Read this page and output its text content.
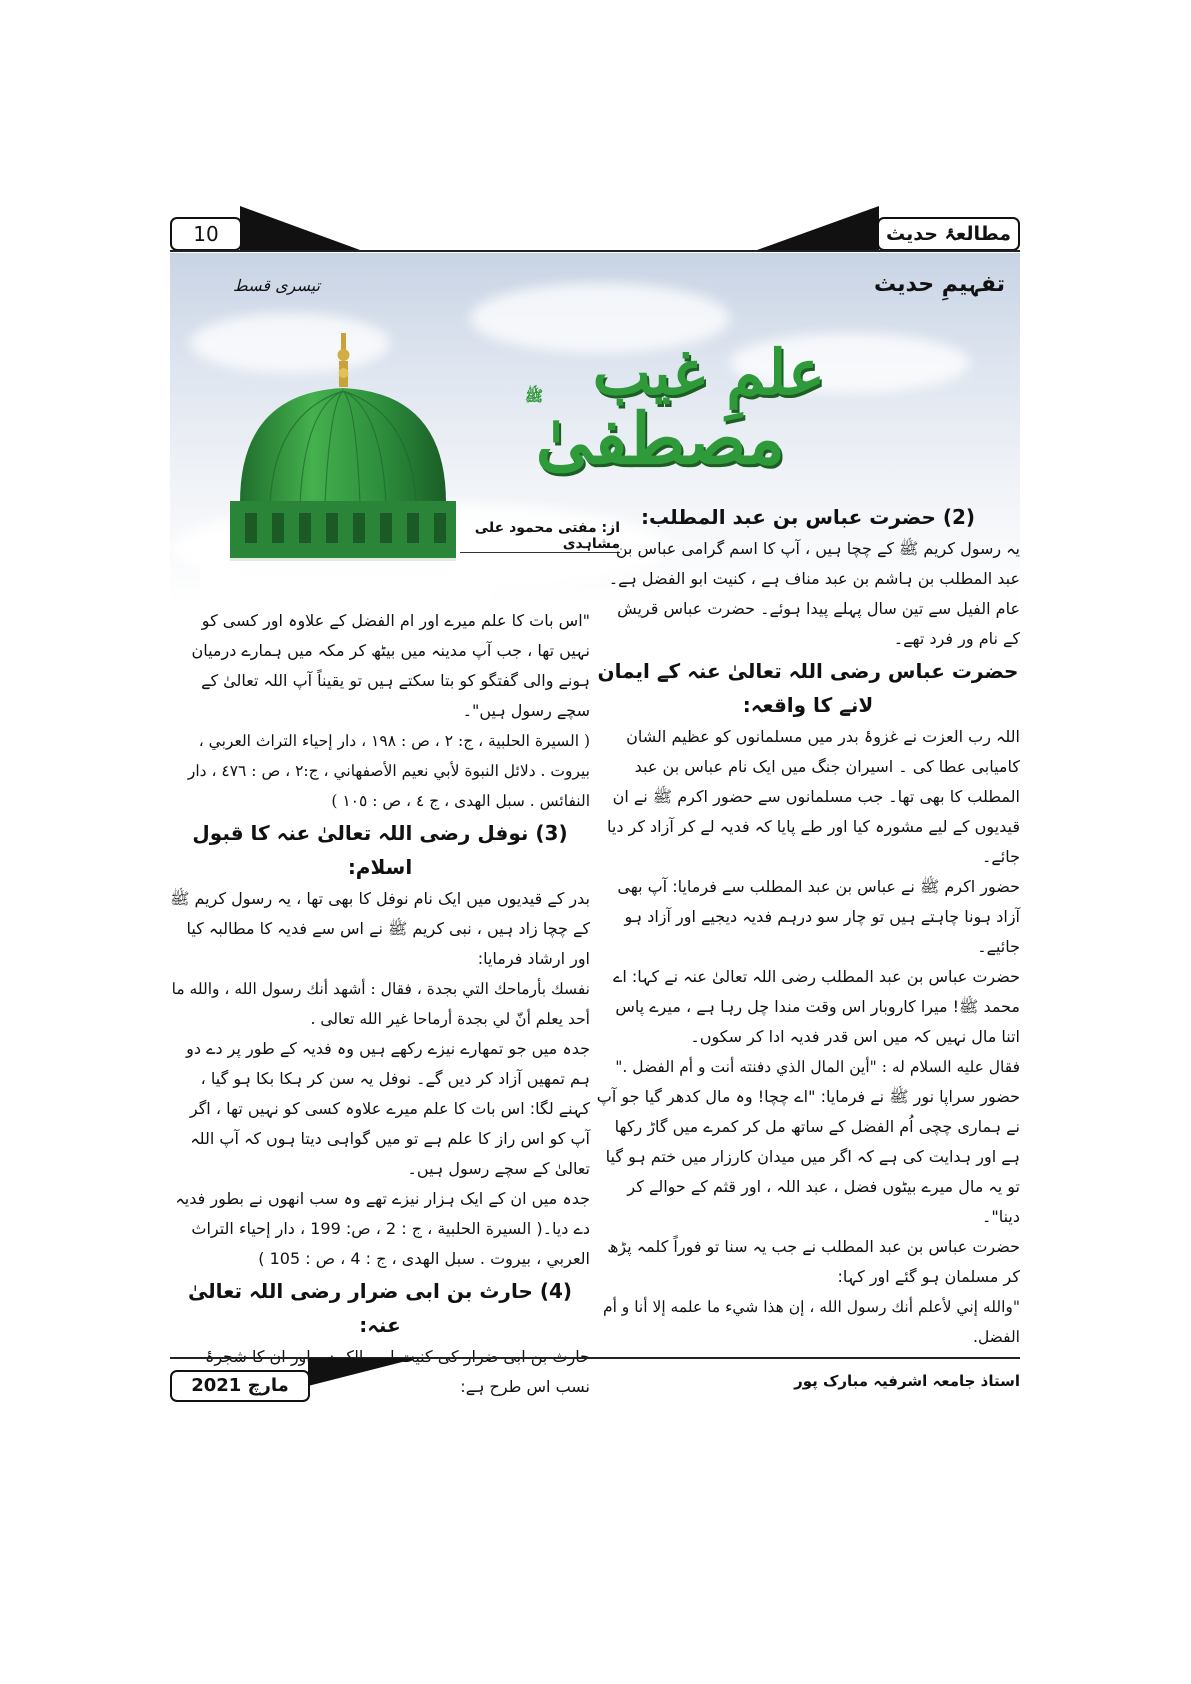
10	مطالعۂ حدیث
تفہیمِ حدیث
تیسری قسط
علمِ غیب
مصطفیٰ
ﷺ
از: مفتی محمود علی مشاہدی
(2) حضرت عباس بن عبد المطلب:

یہ رسول کریم ﷺ کے چچا ہیں ، آپ کا اسم گرامی عباس بن عبد المطلب بن ہاشم بن عبد مناف ہے ، کنیت ابو الفضل ہے۔ عام الفیل سے تین سال پہلے پیدا ہوئے۔ حضرت عباس قریش کے نام ور فرد تھے۔

حضرت عباس رضی اللہ تعالیٰ عنہ کے ایمان لانے کا واقعہ:

اللہ رب العزت نے غزوۂ بدر میں مسلمانوں کو عظیم الشان کامیابی عطا کی ۔ اسیران جنگ میں ایک نام عباس بن عبد المطلب کا بھی تھا۔ جب مسلمانوں سے حضور اکرم ﷺ نے ان قیدیوں کے لیے مشورہ کیا اور طے پایا کہ فدیہ لے کر آزاد کر دیا جائے۔

حضور اکرم ﷺ نے عباس بن عبد المطلب سے فرمایا: آپ بھی آزاد ہونا چاہتے ہیں تو چار سو درہم فدیہ دیجیے اور آزاد ہو جائیے۔

حضرت عباس بن عبد المطلب رضی اللہ تعالیٰ عنہ نے کہا: اے محمد ﷺ! میرا کاروبار اس وقت مندا چل رہا ہے ، میرے پاس اتنا مال نہیں کہ میں اس قدر فدیہ ادا کر سکوں۔

فقال عليه السلام له : "أين المال الذي دفنته أنت و أم الفضل ."

حضور سراپا نور ﷺ نے فرمایا: "اے چچا! وہ مال کدھر گیا جو آپ نے ہماری چچی اُم الفضل کے ساتھ مل کر کمرے میں گاڑ رکھا ہے اور ہدایت کی ہے کہ اگر میں میدان کارزار میں ختم ہو گیا تو یہ مال میرے بیٹوں فضل ، عبد اللہ ، اور قثم کے حوالے کر دینا"۔

حضرت عباس بن عبد المطلب نے جب یہ سنا تو فوراً کلمہ پڑھ کر مسلمان ہو گئے اور کہا:

"والله إني لأعلم أنك رسول الله ، إن هذا شيء ما علمه إلا أنا و أم الفضل.

"اس بات کا علم میرے اور ام الفضل کے علاوہ اور کسی کو نہیں تھا ، جب آپ مدینہ میں بیٹھ کر مکہ میں ہمارے درمیان ہونے والی گفتگو کو بتا سکتے ہیں تو یقیناً آپ اللہ تعالیٰ کے سچے رسول ہیں"۔

( السيرة الحلبية ، ج: ٢ ، ص : ١٩٨ ، دار إحياء التراث العربي ، بيروت . دلائل النبوة لأبي نعيم الأصفهاني ، ج:٢ ، ص : ٤٧٦ ، دار النفائس . سبل الهدى ، ج ٤ ، ص : ١٠٥ )

(3) نوفل رضی اللہ تعالیٰ عنہ کا قبول اسلام:

بدر کے قیدیوں میں ایک نام نوفل کا بھی تھا ، یہ رسول کریم ﷺ کے چچا زاد ہیں ، نبی کریم ﷺ نے اس سے فدیہ کا مطالبہ کیا اور ارشاد فرمایا:

نفسك بأرماحك التي بجدة ، فقال : أشهد أنك رسول الله ، والله ما أحد يعلم أنّ لي بجدة أرماحا غير الله تعالى .

جدہ میں جو تمھارے نیزے رکھے ہیں وہ فدیہ کے طور پر دے دو ہم تمھیں آزاد کر دیں گے۔ نوفل یہ سن کر ہکا بکا ہو گیا ، کہنے لگا: اس بات کا علم میرے علاوہ کسی کو نہیں تھا ، اگر آپ کو اس راز کا علم ہے تو میں گواہی دیتا ہوں کہ آپ اللہ تعالیٰ کے سچے رسول ہیں۔

جدہ میں ان کے ایک ہزار نیزے تھے وہ سب انھوں نے بطور فدیہ دے دیا۔( السيرة الحلبية ، ج : 2 ، ص: 199 ، دار إحياء التراث العربي ، بيروت . سبل الهدى ، ج : 4 ، ص : 105 )

(4) حارث بن ابی ضرار رضی اللہ تعالیٰ عنہ:

نسب اس طرح ہے:

مارچ 2021	استاذ جامعہ اشرفیہ مبارک پور
